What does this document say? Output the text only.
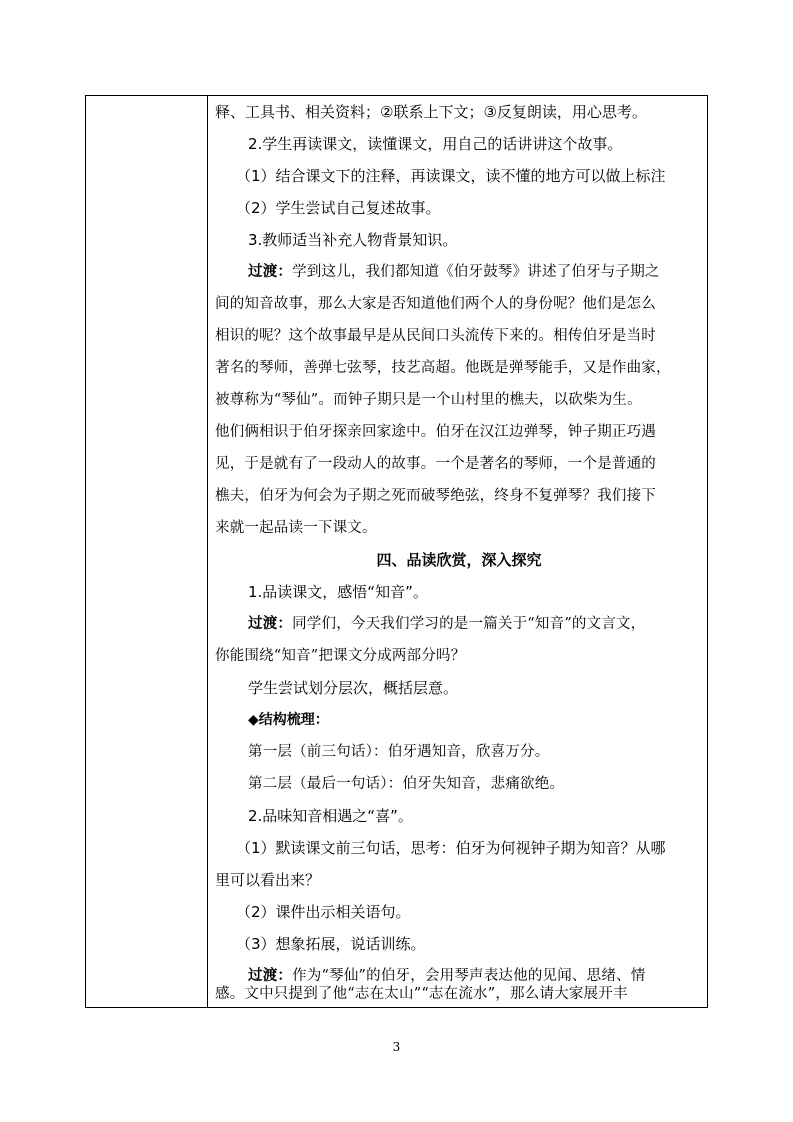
释、工具书、相关资料；②联系上下文；③反复朗读，用心思考。
2.学生再读课文，读懂课文，用自己的话讲讲这个故事。
（1）结合课文下的注释，再读课文，读不懂的地方可以做上标注
（2）学生尝试自己复述故事。
3.教师适当补充人物背景知识。
过渡：学到这儿，我们都知道《伯牙鼓琴》讲述了伯牙与子期之
间的知音故事，那么大家是否知道他们两个人的身份呢？他们是怎么
相识的呢？这个故事最早是从民间口头流传下来的。相传伯牙是当时
著名的琴师，善弹七弦琴，技艺高超。他既是弹琴能手，又是作曲家，
被尊称为“琴仙”。而钟子期只是一个山村里的樵夫，以砍柴为生。
他们俩相识于伯牙探亲回家途中。伯牙在汉江边弹琴，钟子期正巧遇
见，于是就有了一段动人的故事。一个是著名的琴师，一个是普通的
樵夫，伯牙为何会为子期之死而破琴绝弦，终身不复弹琴？我们接下
来就一起品读一下课文。
四、品读欣赏，深入探究
1.品读课文，感悟“知音”。
过渡：同学们，今天我们学习的是一篇关于“知音”的文言文，
你能围绕“知音”把课文分成两部分吗？
学生尝试划分层次，概括层意。
◆结构梳理：
第一层（前三句话）：伯牙遇知音，欣喜万分。
第二层（最后一句话）：伯牙失知音，悲痛欲绝。
2.品味知音相遇之“喜”。
（1）默读课文前三句话，思考：伯牙为何视钟子期为知音？从哪
里可以看出来？
（2）课件出示相关语句。
（3）想象拓展，说话训练。
过渡：作为“琴仙”的伯牙，会用琴声表达他的见闻、思绪、情
感。文中只提到了他“志在太山”“志在流水”，那么请大家展开丰
3
